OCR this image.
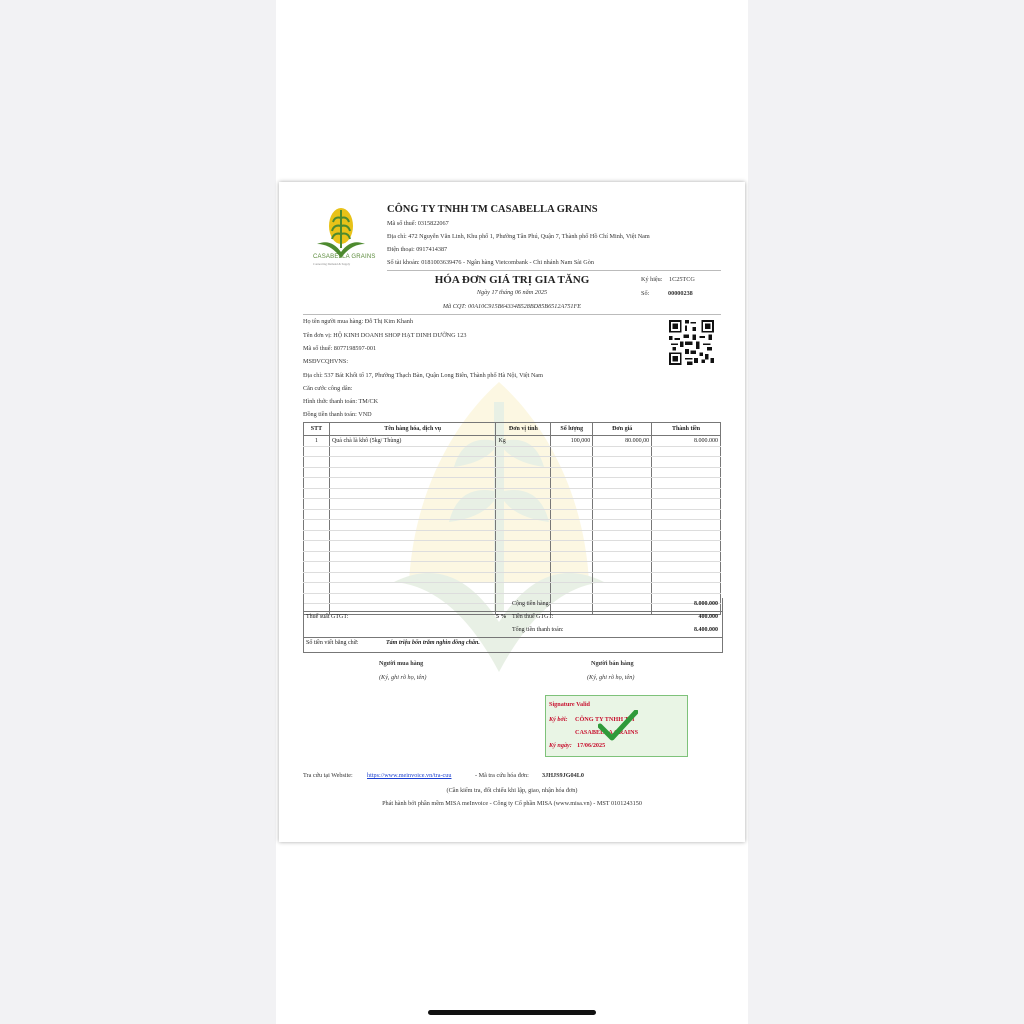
CASABELLA GRAINS
Connecting Demand & Supply
CÔNG TY TNHH TM CASABELLA GRAINS
Mã số thuế: 0315822067
Địa chỉ: 472 Nguyễn Văn Linh, Khu phố 1, Phường Tân Phú, Quận 7, Thành phố Hồ Chí Minh, Việt Nam
Điện thoại: 0917414387
Số tài khoản: 0181003639476 - Ngân hàng Vietcombank - Chi nhánh Nam Sài Gòn
HÓA ĐƠN GIÁ TRỊ GIA TĂNG
Ngày 17 tháng 06 năm 2025
Mã CQT: 00A10C915B64334B528BD85B6512A751FE
Ký hiệu: 1C25TCG
Số:	00000238
Họ tên người mua hàng: Đỗ Thị Kim Khanh
Tên đơn vị: HỘ KINH DOANH SHOP HẠT DINH DƯỠNG 123
Mã số thuế: 8077198597-001
MSĐVCQHVNS:
Địa chỉ: 537 Bát Khối tổ 17, Phường Thạch Bàn, Quận Long Biên, Thành phố Hà Nội, Việt Nam
Căn cước công dân:
Hình thức thanh toán: TM/CK
Đồng tiền thanh toán: VND
STT	Tên hàng hóa, dịch vụ	Đơn vị tính	Số lượng	Đơn giá	Thành tiền
1	Quả chà là khô (5kg/ Thùng)	Kg	100,000	80.000,00	8.000.000

Cộng tiền hàng:	8.000.000
Thuế suất GTGT:	5 % Tiền thuế GTGT:	400.000
Tổng tiền thanh toán:	8.400.000
Số tiền viết bằng chữ:	Tám triệu bốn trăm nghìn đồng chẵn.
Người mua hàng
(Ký, ghi rõ họ, tên)
Người bán hàng
(Ký, ghi rõ họ, tên)
Signature Valid
Ký bởi: CÔNG TY TNHH TM
CASABELLA GRAINS
Ký ngày: 17/06/2025
Tra cứu tại Website: https://www.meinvoice.vn/tra-cuu	- Mã tra cứu hóa đơn: 3JHJS9JG04L0
(Cần kiểm tra, đối chiếu khi lập, giao, nhận hóa đơn)
Phát hành bởi phần mềm MISA meInvoice - Công ty Cổ phần MISA (www.misa.vn) - MST 0101243150
